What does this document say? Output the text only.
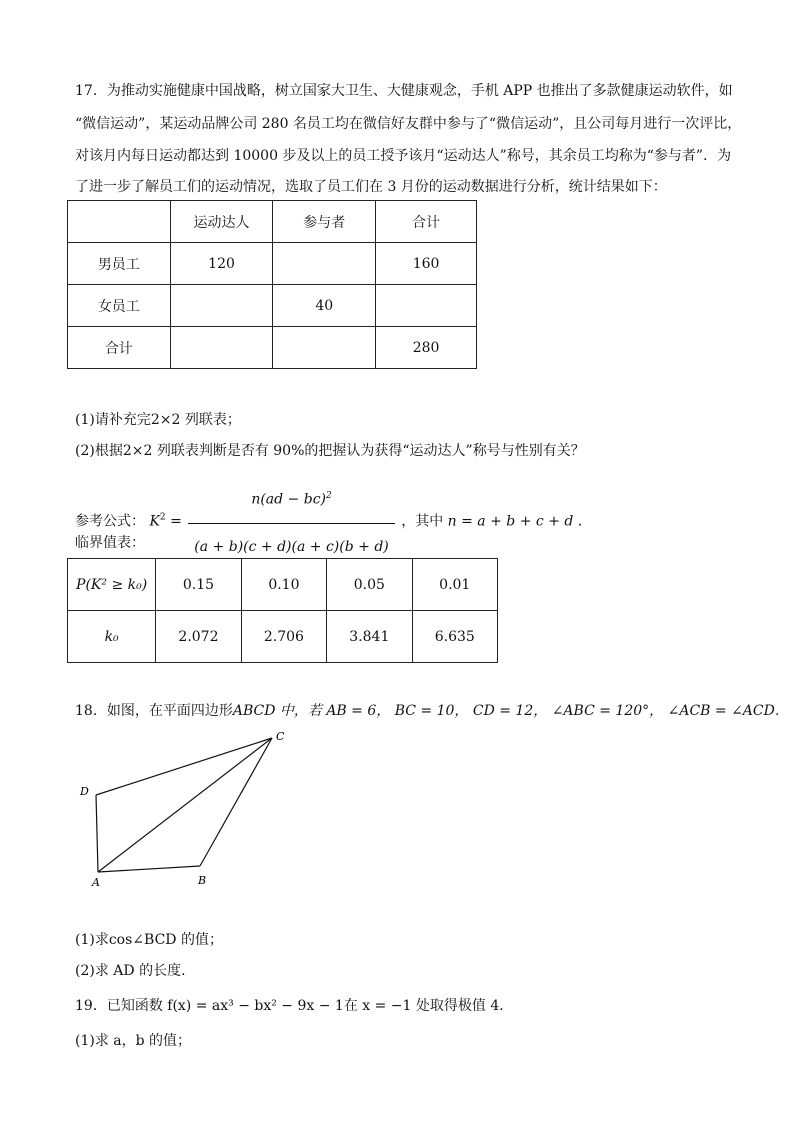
17．为推动实施健康中国战略，树立国家大卫生、大健康观念，手机 APP 也推出了多款健康运动软件，如
“微信运动”，某运动品牌公司 280 名员工均在微信好友群中参与了“微信运动”，且公司每月进行一次评比，
对该月内每日运动都达到 10000 步及以上的员工授予该月“运动达人”称号，其余员工均称为“参与者”．为
了进一步了解员工们的运动情况，选取了员工们在 3 月份的运动数据进行分析，统计结果如下：
	运动达人	参与者	合计
男员工	120		160
女员工		40	
合计			280
(1)请补充完2×2 列联表；
(2)根据2×2 列联表判断是否有 90%的把握认为获得“运动达人”称号与性别有关？
参考公式： $K^2 = \frac{n(ad - bc)^2}{(a + b)(c + d)(a + c)(b + d)}$ ，其中 n = a + b + c + d ．
临界值表：
P(K² ≥ k₀)	0.15	0.10	0.05	0.01
k₀	2.072	2.706	3.841	6.635
18．如图，在平面四边形ABCD 中，若 AB = 6， BC = 10， CD = 12， ∠ABC = 120°， ∠ACB = ∠ACD．
A	B
C
D
(1)求cos∠BCD 的值；
(2)求 AD 的长度．
19．已知函数 f(x) = ax³ − bx² − 9x − 1在 x = −1 处取得极值 4．
(1)求 a，b 的值；
